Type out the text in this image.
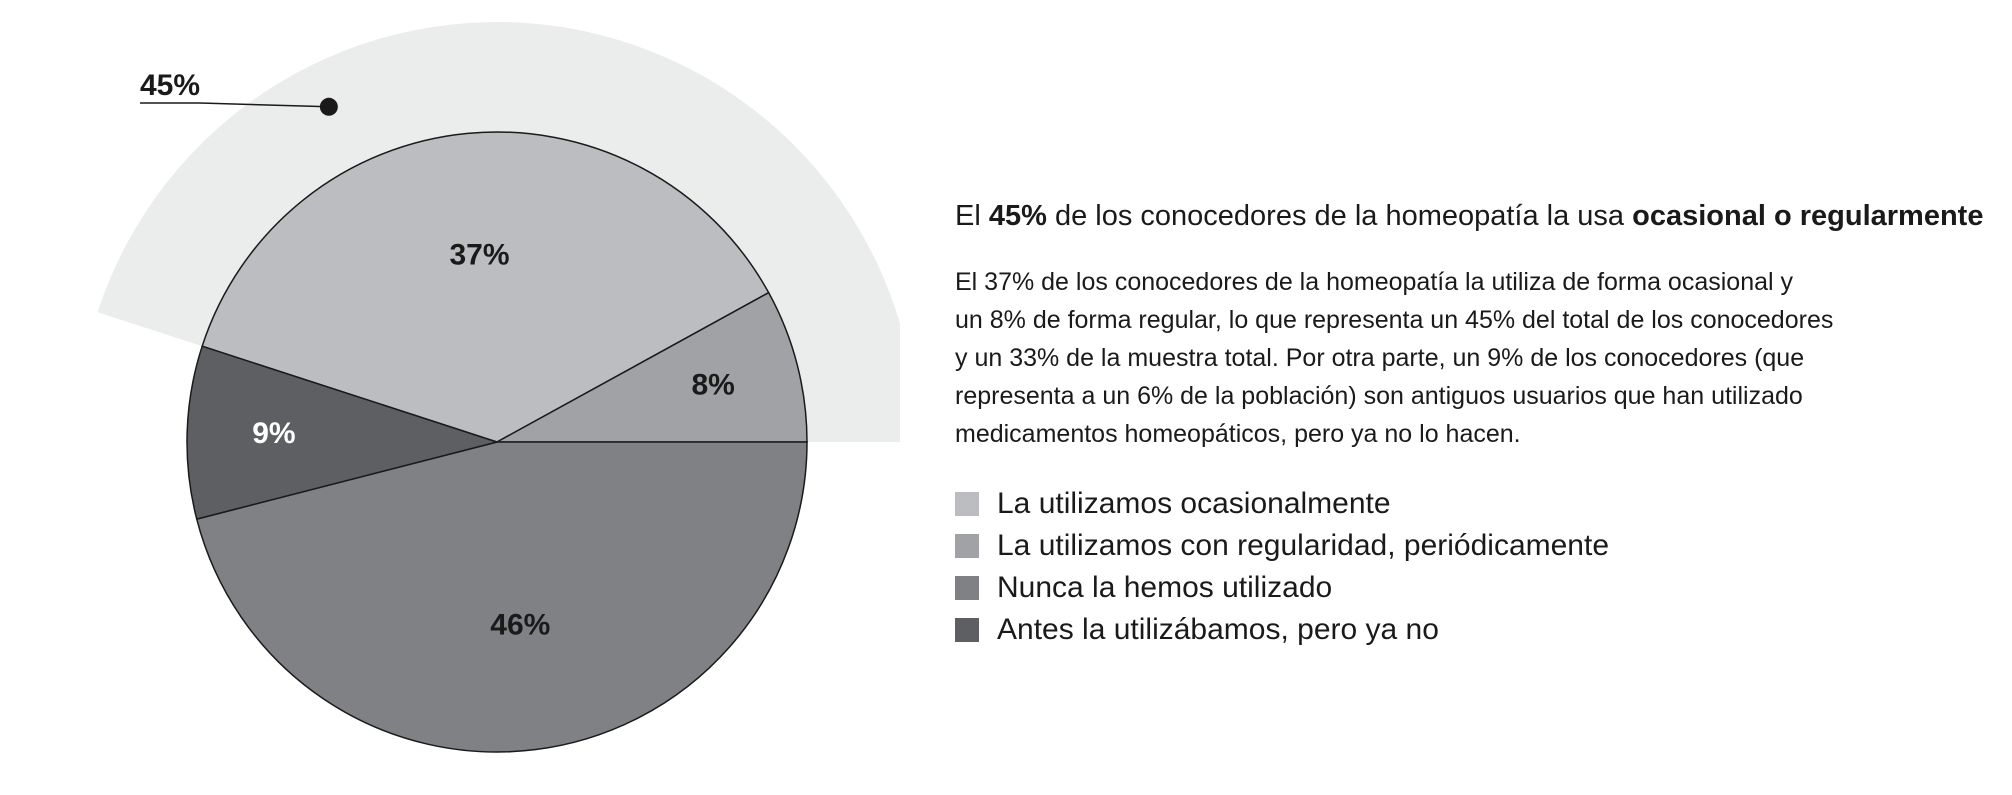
37%
8%
46%
9%
45%

El 45% de los conocedores de la homeopatía la usa ocasional o regularmente

El 37% de los conocedores de la homeopatía la utiliza de forma ocasional y
un 8% de forma regular, lo que representa un 45% del total de los conocedores
y un 33% de la muestra total. Por otra parte, un 9% de los conocedores (que
representa a un 6% de la población) son antiguos usuarios que han utilizado
medicamentos homeopáticos, pero ya no lo hacen.

La utilizamos ocasionalmente
La utilizamos con regularidad, periódicamente
Nunca la hemos utilizado
Antes la utilizábamos, pero ya no
